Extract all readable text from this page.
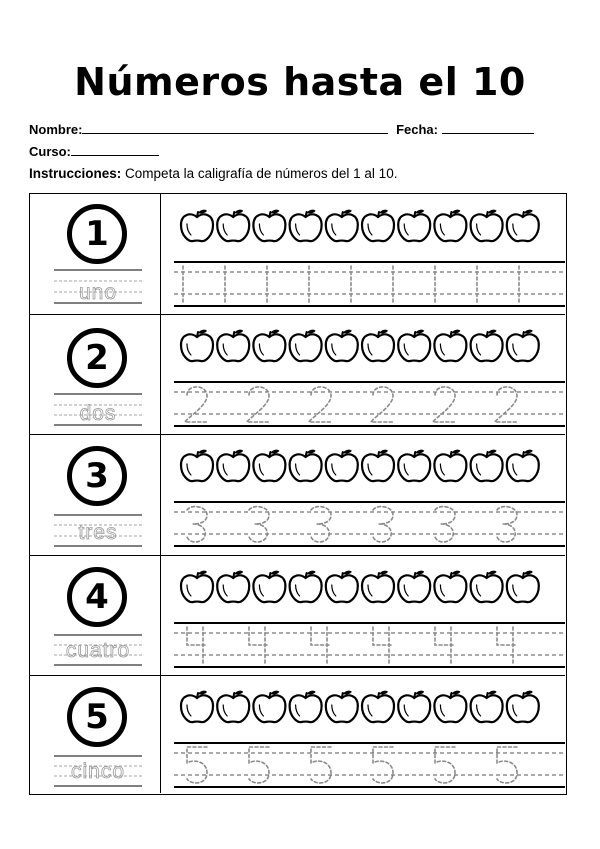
Números hasta el 10
Nombre:	Fecha:
Curso:
Instrucciones: Competa la caligrafía de números del 1 al 10.
1
uno
2
dos
3
tres
4
cuatro
5
cinco
